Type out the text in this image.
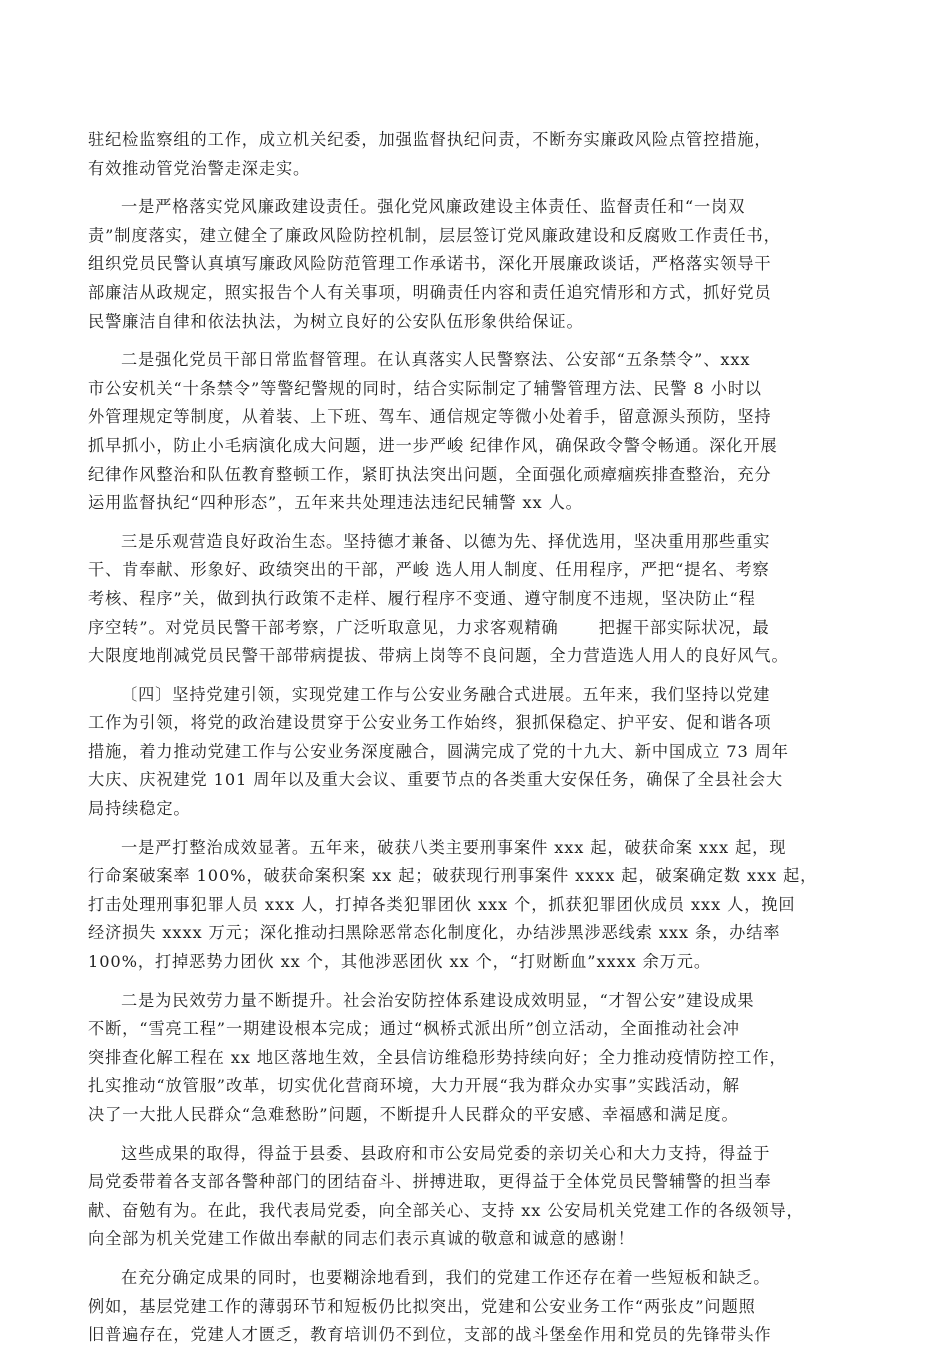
驻纪检监察组的工作，成立机关纪委，加强监督执纪问责，不断夯实廉政风险点管控措施，
有效推动管党治警走深走实。

一是严格落实党风廉政建设责任。强化党风廉政建设主体责任、监督责任和“一岗双
责”制度落实，建立健全了廉政风险防控机制，层层签订党风廉政建设和反腐败工作责任书，
组织党员民警认真填写廉政风险防范管理工作承诺书，深化开展廉政谈话，严格落实领导干
部廉洁从政规定，照实报告个人有关事项，明确责任内容和责任追究情形和方式，抓好党员
民警廉洁自律和依法执法，为树立良好的公安队伍形象供给保证。

二是强化党员干部日常监督管理。在认真落实人民警察法、公安部“五条禁令”、xxx
市公安机关“十条禁令”等警纪警规的同时，结合实际制定了辅警管理方法、民警 8 小时以
外管理规定等制度，从着装、上下班、驾车、通信规定等微小处着手，留意源头预防，坚持
抓早抓小，防止小毛病演化成大问题，进一步严峻 纪律作风，确保政令警令畅通。深化开展
纪律作风整治和队伍教育整顿工作，紧盯执法突出问题，全面强化顽瘴痼疾排查整治，充分
运用监督执纪“四种形态”，五年来共处理违法违纪民辅警 xx 人。

三是乐观营造良好政治生态。坚持德才兼备、以德为先、择优选用，坚决重用那些重实
干、肯奉献、形象好、政绩突出的干部，严峻 选人用人制度、任用程序，严把“提名、考察
考核、程序”关，做到执行政策不走样、履行程序不变通、遵守制度不违规，坚决防止“程
序空转”。对党员民警干部考察，广泛听取意见，力求客观精确　　 把握干部实际状况，最
大限度地削减党员民警干部带病提拔、带病上岗等不良问题，全力营造选人用人的良好风气。

〔四〕坚持党建引领，实现党建工作与公安业务融合式进展。五年来，我们坚持以党建
工作为引领，将党的政治建设贯穿于公安业务工作始终，狠抓保稳定、护平安、促和谐各项
措施，着力推动党建工作与公安业务深度融合，圆满完成了党的十九大、新中国成立 73 周年
大庆、庆祝建党 101 周年以及重大会议、重要节点的各类重大安保任务，确保了全县社会大
局持续稳定。

一是严打整治成效显著。五年来，破获八类主要刑事案件 xxx 起，破获命案 xxx 起，现
行命案破案率 100%，破获命案积案 xx 起；破获现行刑事案件 xxxx 起，破案确定数 xxx 起，
打击处理刑事犯罪人员 xxx 人，打掉各类犯罪团伙 xxx 个，抓获犯罪团伙成员 xxx 人，挽回
经济损失 xxxx 万元；深化推动扫黑除恶常态化制度化，办结涉黑涉恶线索 xxx 条，办结率
100%，打掉恶势力团伙 xx 个，其他涉恶团伙 xx 个，“打财断血”xxxx 余万元。

二是为民效劳力量不断提升。社会治安防控体系建设成效明显，“才智公安”建设成果
不断，“雪亮工程”一期建设根本完成；通过“枫桥式派出所”创立活动，全面推动社会冲
突排查化解工程在 xx 地区落地生效，全县信访维稳形势持续向好；全力推动疫情防控工作，
扎实推动“放管服”改革，切实优化营商环境，大力开展“我为群众办实事”实践活动，解
决了一大批人民群众“急难愁盼”问题，不断提升人民群众的平安感、幸福感和满足度。

这些成果的取得，得益于县委、县政府和市公安局党委的亲切关心和大力支持，得益于
局党委带着各支部各警种部门的团结奋斗、拼搏进取，更得益于全体党员民警辅警的担当奉
献、奋勉有为。在此，我代表局党委，向全部关心、支持 xx 公安局机关党建工作的各级领导，
向全部为机关党建工作做出奉献的同志们表示真诚的敬意和诚意的感谢！

在充分确定成果的同时，也要糊涂地看到，我们的党建工作还存在着一些短板和缺乏。
例如，基层党建工作的薄弱环节和短板仍比拟突出，党建和公安业务工作“两张皮”问题照
旧普遍存在，党建人才匮乏，教育培训仍不到位，支部的战斗堡垒作用和党员的先锋带头作
